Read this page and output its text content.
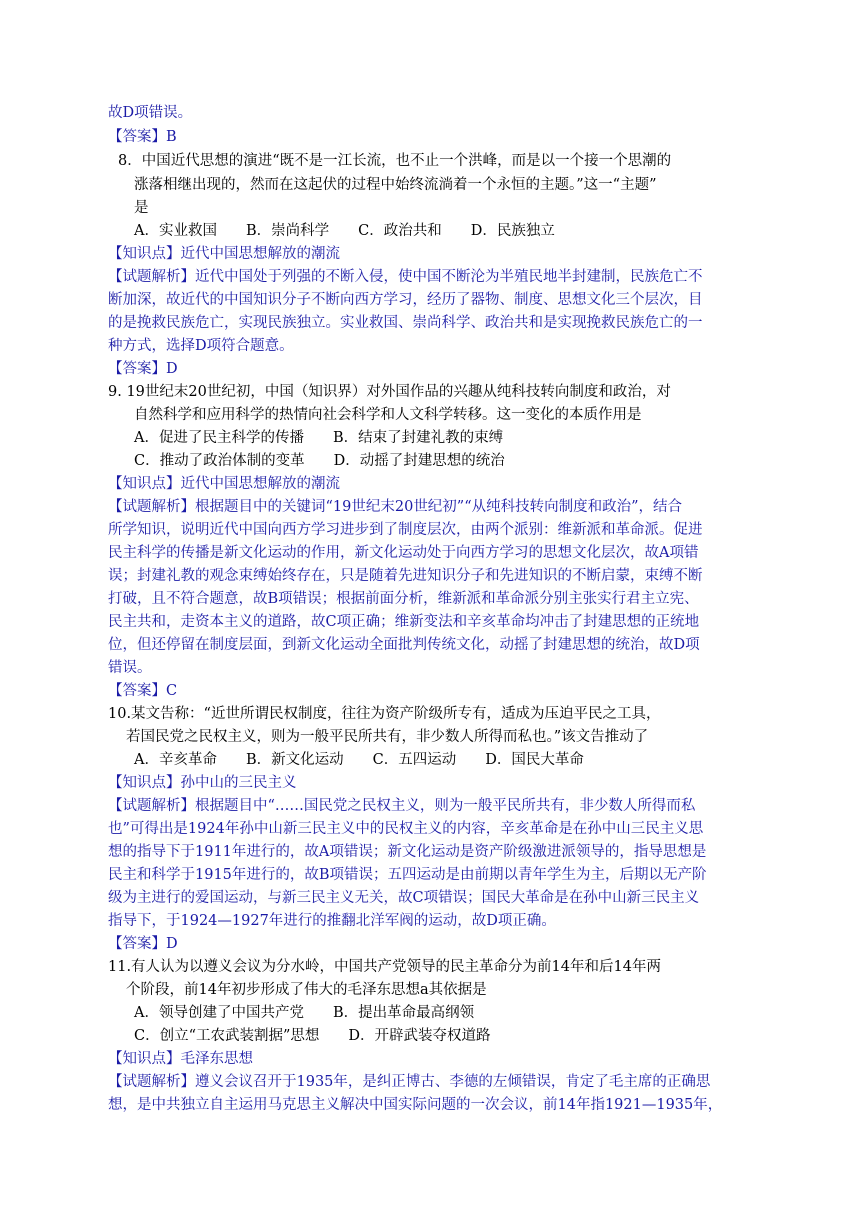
故D项错误。
【答案】B
8．中国近代思想的演进“既不是一江长流，也不止一个洪峰，而是以一个接一个思潮的
涨落相继出现的，然而在这起伏的过程中始终流淌着一个永恒的主题。”这一“主题”
是
A．实业救国　　B．崇尚科学　　C．政治共和　　D．民族独立
【知识点】近代中国思想解放的潮流
【试题解析】近代中国处于列强的不断入侵，使中国不断沦为半殖民地半封建制，民族危亡不
断加深，故近代的中国知识分子不断向西方学习，经历了器物、制度、思想文化三个层次，目
的是挽救民族危亡，实现民族独立。实业救国、崇尚科学、政治共和是实现挽救民族危亡的一
种方式，选择D项符合题意。
【答案】D
9. 19世纪末20世纪初，中国（知识界）对外国作品的兴趣从纯科技转向制度和政治，对
自然科学和应用科学的热情向社会科学和人文科学转移。这一变化的本质作用是
A．促进了民主科学的传播　　B．结束了封建礼教的束缚
C．推动了政治体制的变革　　D．动摇了封建思想的统治
【知识点】近代中国思想解放的潮流
【试题解析】根据题目中的关键词“19世纪末20世纪初”“从纯科技转向制度和政治”，结合
所学知识，说明近代中国向西方学习进步到了制度层次，由两个派别：维新派和革命派。促进
民主科学的传播是新文化运动的作用，新文化运动处于向西方学习的思想文化层次，故A项错
误；封建礼教的观念束缚始终存在，只是随着先进知识分子和先进知识的不断启蒙，束缚不断
打破，且不符合题意，故B项错误；根据前面分析，维新派和革命派分别主张实行君主立宪、
民主共和，走资本主义的道路，故C项正确；维新变法和辛亥革命均冲击了封建思想的正统地
位，但还停留在制度层面，到新文化运动全面批判传统文化，动摇了封建思想的统治，故D项
错误。
【答案】C
10.某文告称：“近世所谓民权制度，往往为资产阶级所专有，适成为压迫平民之工具，
若国民党之民权主义，则为一般平民所共有，非少数人所得而私也。”该文告推动了
A．辛亥革命　　B．新文化运动　　C．五四运动　　D．国民大革命
【知识点】孙中山的三民主义
【试题解析】根据题目中“……国民党之民权主义，则为一般平民所共有，非少数人所得而私
也”可得出是1924年孙中山新三民主义中的民权主义的内容，辛亥革命是在孙中山三民主义思
想的指导下于1911年进行的，故A项错误；新文化运动是资产阶级激进派领导的，指导思想是
民主和科学于1915年进行的，故B项错误；五四运动是由前期以青年学生为主，后期以无产阶
级为主进行的爱国运动，与新三民主义无关，故C项错误；国民大革命是在孙中山新三民主义
指导下，于1924—1927年进行的推翻北洋军阀的运动，故D项正确。
【答案】D
11.有人认为以遵义会议为分水岭，中国共产党领导的民主革命分为前14年和后14年两
个阶段，前14年初步形成了伟大的毛泽东思想a其依据是
A．领导创建了中国共产党　　B．提出革命最高纲领
C．创立“工农武装割据”思想　　D．开辟武装夺权道路
【知识点】毛泽东思想
【试题解析】遵义会议召开于1935年，是纠正博古、李德的左倾错误，肯定了毛主席的正确思
想，是中共独立自主运用马克思主义解决中国实际问题的一次会议，前14年指1921—1935年，
